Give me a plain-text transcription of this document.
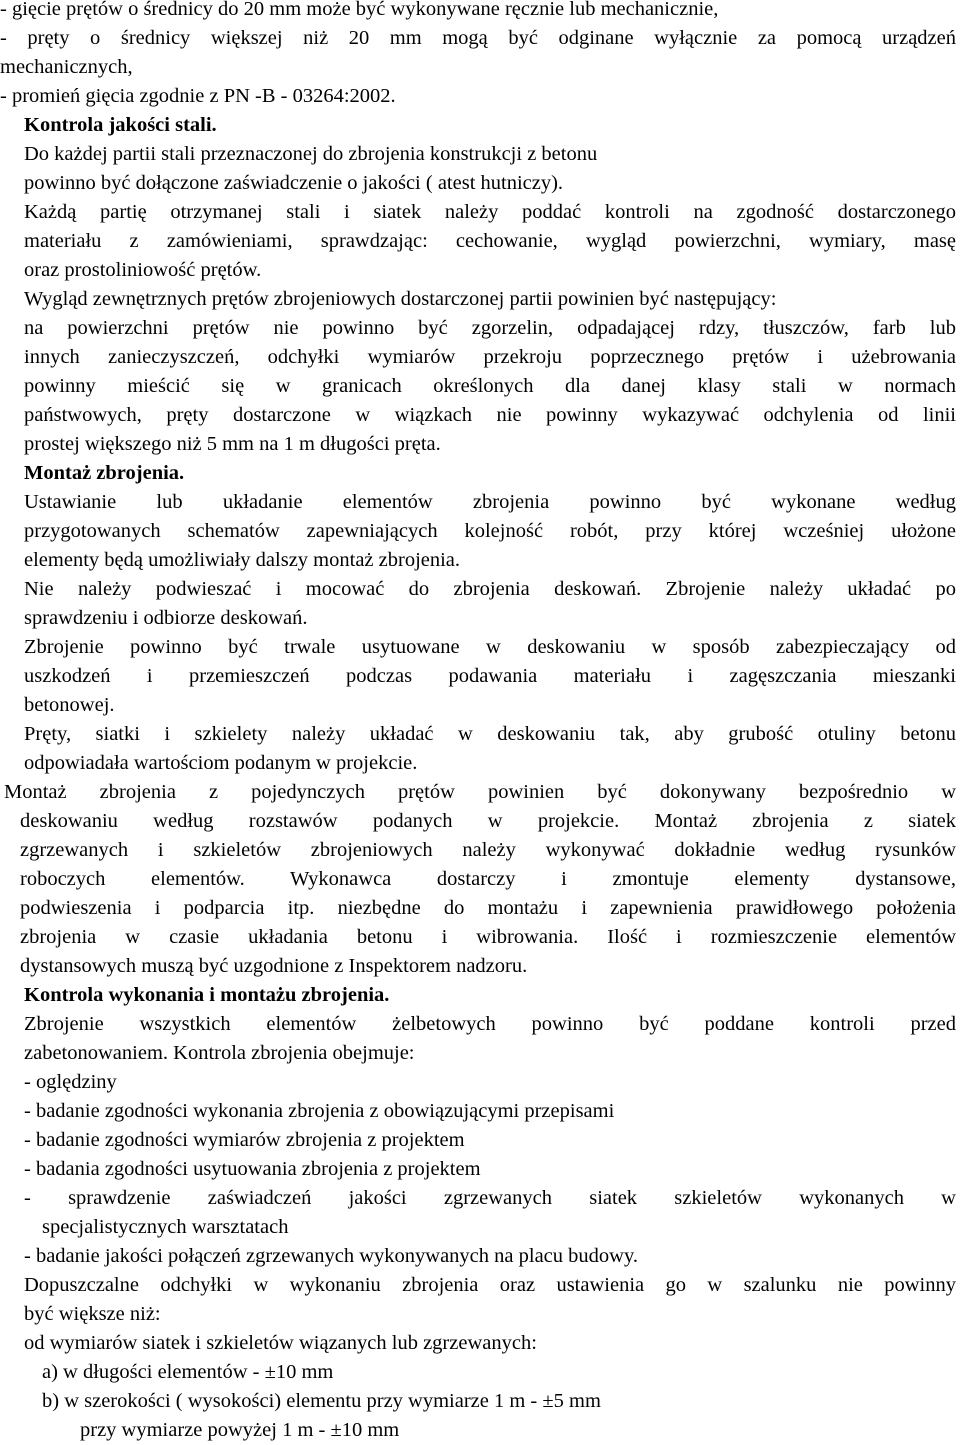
- gięcie prętów o średnicy do 20 mm może być wykonywane ręcznie lub mechanicznie,
- pręty o średnicy większej niż 20 mm mogą być odginane wyłącznie za pomocą urządzeń
mechanicznych,
- promień gięcia zgodnie z PN -B - 03264:2002.
Kontrola jakości stali.
Do każdej partii stali przeznaczonej do zbrojenia konstrukcji z betonu
powinno być dołączone zaświadczenie o jakości ( atest hutniczy).
Każdą partię otrzymanej stali i siatek należy poddać kontroli na zgodność dostarczonego
materiału z zamówieniami, sprawdzając: cechowanie, wygląd powierzchni, wymiary, masę
oraz prostoliniowość prętów.
Wygląd zewnętrznych prętów zbrojeniowych dostarczonej partii powinien być następujący:
na powierzchni prętów nie powinno być zgorzelin, odpadającej rdzy, tłuszczów, farb lub
innych zanieczyszczeń, odchyłki wymiarów przekroju poprzecznego prętów i użebrowania
powinny mieścić się w granicach określonych dla danej klasy stali w normach
państwowych, pręty dostarczone w wiązkach nie powinny wykazywać odchylenia od linii
prostej większego niż 5 mm na 1 m długości pręta.
Montaż zbrojenia.
Ustawianie lub układanie elementów zbrojenia powinno być wykonane według
przygotowanych schematów zapewniających kolejność robót, przy której wcześniej ułożone
elementy będą umożliwiały dalszy montaż zbrojenia.
Nie należy podwieszać i mocować do zbrojenia deskowań. Zbrojenie należy układać po
sprawdzeniu i odbiorze deskowań.
Zbrojenie powinno być trwale usytuowane w deskowaniu w sposób zabezpieczający od
uszkodzeń i przemieszczeń podczas podawania materiału i zagęszczania mieszanki
betonowej.
Pręty, siatki i szkielety należy układać w deskowaniu tak, aby grubość otuliny betonu
odpowiadała wartościom podanym w projekcie.
Montaż zbrojenia z pojedynczych prętów powinien być dokonywany bezpośrednio w
deskowaniu według rozstawów podanych w projekcie. Montaż zbrojenia z siatek
zgrzewanych i szkieletów zbrojeniowych należy wykonywać dokładnie według rysunków
roboczych elementów. Wykonawca dostarczy i zmontuje elementy dystansowe,
podwieszenia i podparcia itp. niezbędne do montażu i zapewnienia prawidłowego położenia
zbrojenia w czasie układania betonu i wibrowania. Ilość i rozmieszczenie elementów
dystansowych muszą być uzgodnione z Inspektorem nadzoru.
Kontrola wykonania i montażu zbrojenia.
Zbrojenie wszystkich elementów żelbetowych powinno być poddane kontroli przed
zabetonowaniem. Kontrola zbrojenia obejmuje:
- oględziny
- badanie zgodności wykonania zbrojenia z obowiązującymi przepisami
- badanie zgodności wymiarów zbrojenia z projektem
- badania zgodności usytuowania zbrojenia z projektem
- sprawdzenie zaświadczeń jakości zgrzewanych siatek szkieletów wykonanych w
specjalistycznych warsztatach
- badanie jakości połączeń zgrzewanych wykonywanych na placu budowy.
Dopuszczalne odchyłki w wykonaniu zbrojenia oraz ustawienia go w szalunku nie powinny
być większe niż:
od wymiarów siatek i szkieletów wiązanych lub zgrzewanych:
a) w długości elementów - ±10 mm
b) w szerokości ( wysokości) elementu przy wymiarze 1 m - ±5 mm
przy wymiarze powyżej 1 m - ±10 mm
